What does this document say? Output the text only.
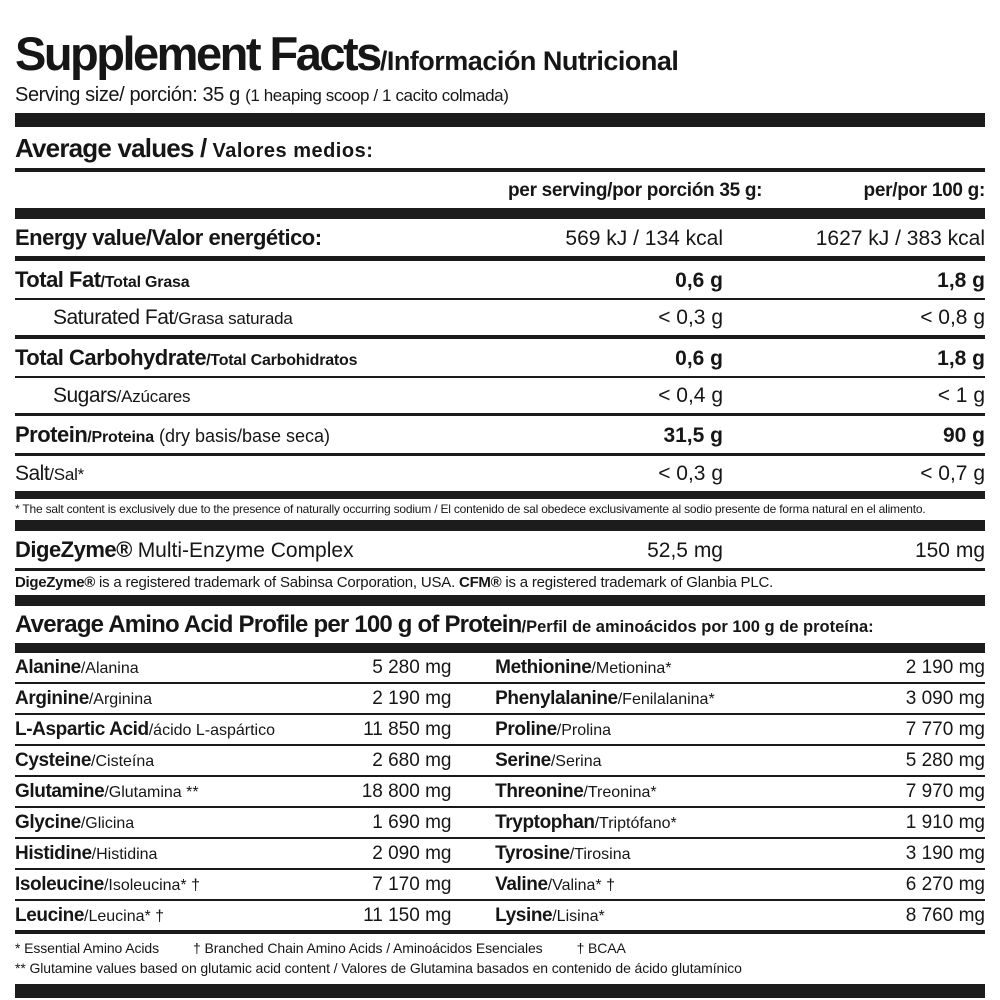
Supplement Facts /Información Nutricional
Serving size/ porción: 35 g (1 heaping scoop / 1 cacito colmada)
Average values / Valores medios:
per serving/por porción 35 g:	per/por 100 g:
Energy value/Valor energético:	569 kJ / 134 kcal	1627 kJ / 383 kcal
Total Fat/Total Grasa	0,6 g	1,8 g
Saturated Fat/Grasa saturada	< 0,3 g	< 0,8 g
Total Carbohydrate/Total Carbohidratos	0,6 g	1,8 g
Sugars/Azúcares	< 0,4 g	< 1 g
Protein/Proteina (dry basis/base seca)	31,5 g	90 g
Salt/Sal*	< 0,3 g	< 0,7 g
* The salt content is exclusively due to the presence of naturally occurring sodium / El contenido de sal obedece exclusivamente al sodio presente de forma natural en el alimento.
DigeZyme® Multi-Enzyme Complex	52,5 mg	150 mg
DigeZyme® is a registered trademark of Sabinsa Corporation, USA. CFM® is a registered trademark of Glanbia PLC.
Average Amino Acid Profile per 100 g of Protein /Perfil de aminoácidos por 100 g de proteína:
Alanine/Alanina	5 280 mg Methionine/Metionina*	2 190 mg
Arginine/Arginina	2 190 mg Phenylalanine/Fenilalanina*	3 090 mg
L-Aspartic Acid/ácido L-aspártico	11 850 mg Proline/Prolina	7 770 mg
Cysteine/Cisteína	2 680 mg Serine/Serina	5 280 mg
Glutamine/Glutamina **	18 800 mg Threonine/Treonina*	7 970 mg
Glycine/Glicina	1 690 mg Tryptophan/Triptófano*	1 910 mg
Histidine/Histidina	2 090 mg Tyrosine/Tirosina	3 190 mg
Isoleucine/Isoleucina* †	7 170 mg Valine/Valina* †	6 270 mg
Leucine/Leucina* †	11 150 mg Lysine/Lisina*	8 760 mg
* Essential Amino Acids † Branched Chain Amino Acids / Aminoácidos Esenciales † BCAA
** Glutamine values based on glutamic acid content / Valores de Glutamina basados en contenido de ácido glutamínico
